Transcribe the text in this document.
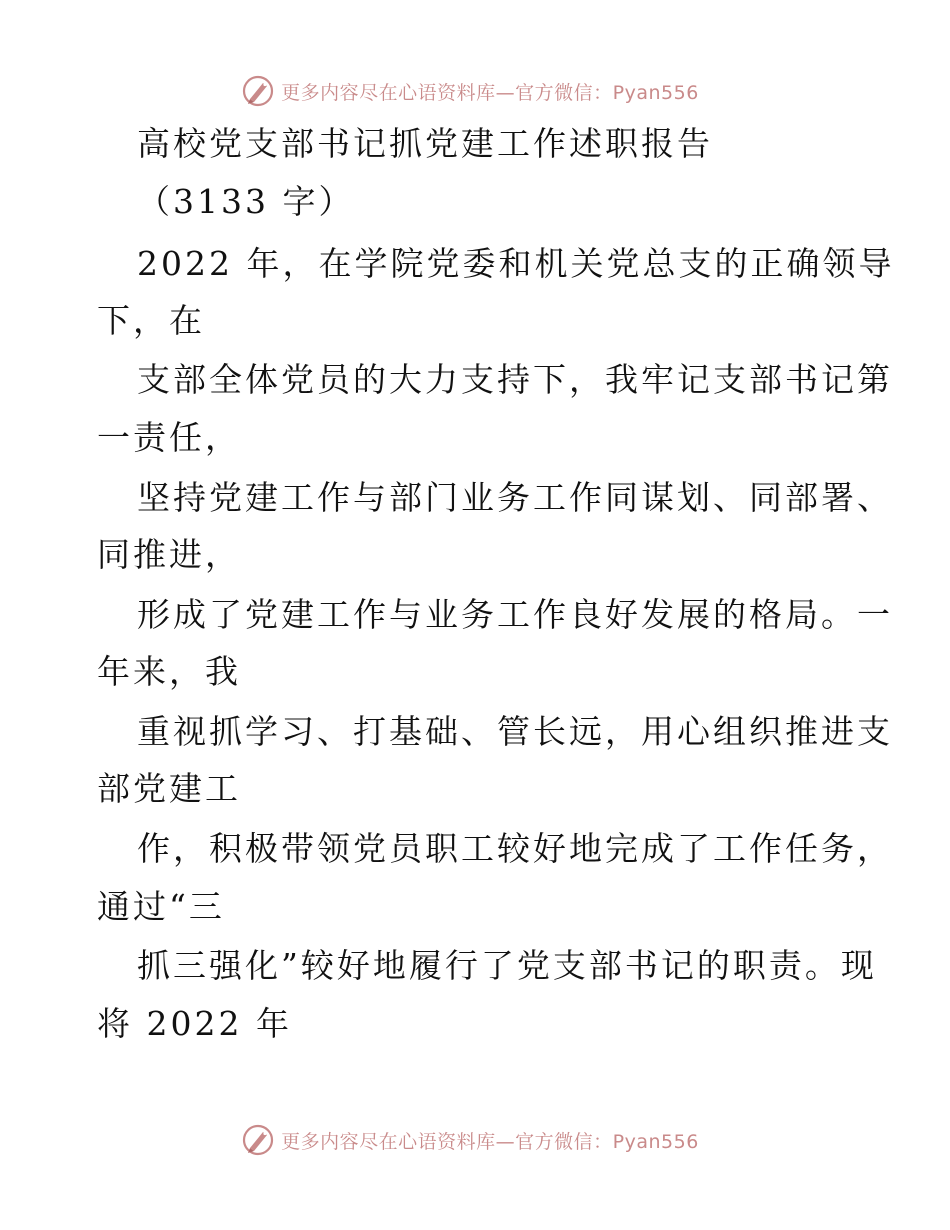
更多内容尽在心语资料库—官方微信：Pyan556
高校党支部书记抓党建工作述职报告
（3133 字）
2022 年，在学院党委和机关党总支的正确领导
下，在
支部全体党员的大力支持下，我牢记支部书记第
一责任，
坚持党建工作与部门业务工作同谋划、同部署、
同推进，
形成了党建工作与业务工作良好发展的格局。一
年来，我
重视抓学习、打基础、管长远，用心组织推进支
部党建工
作，积极带领党员职工较好地完成了工作任务，
通过“三
抓三强化”较好地履行了党支部书记的职责。现
将 2022 年
更多内容尽在心语资料库—官方微信：Pyan556
